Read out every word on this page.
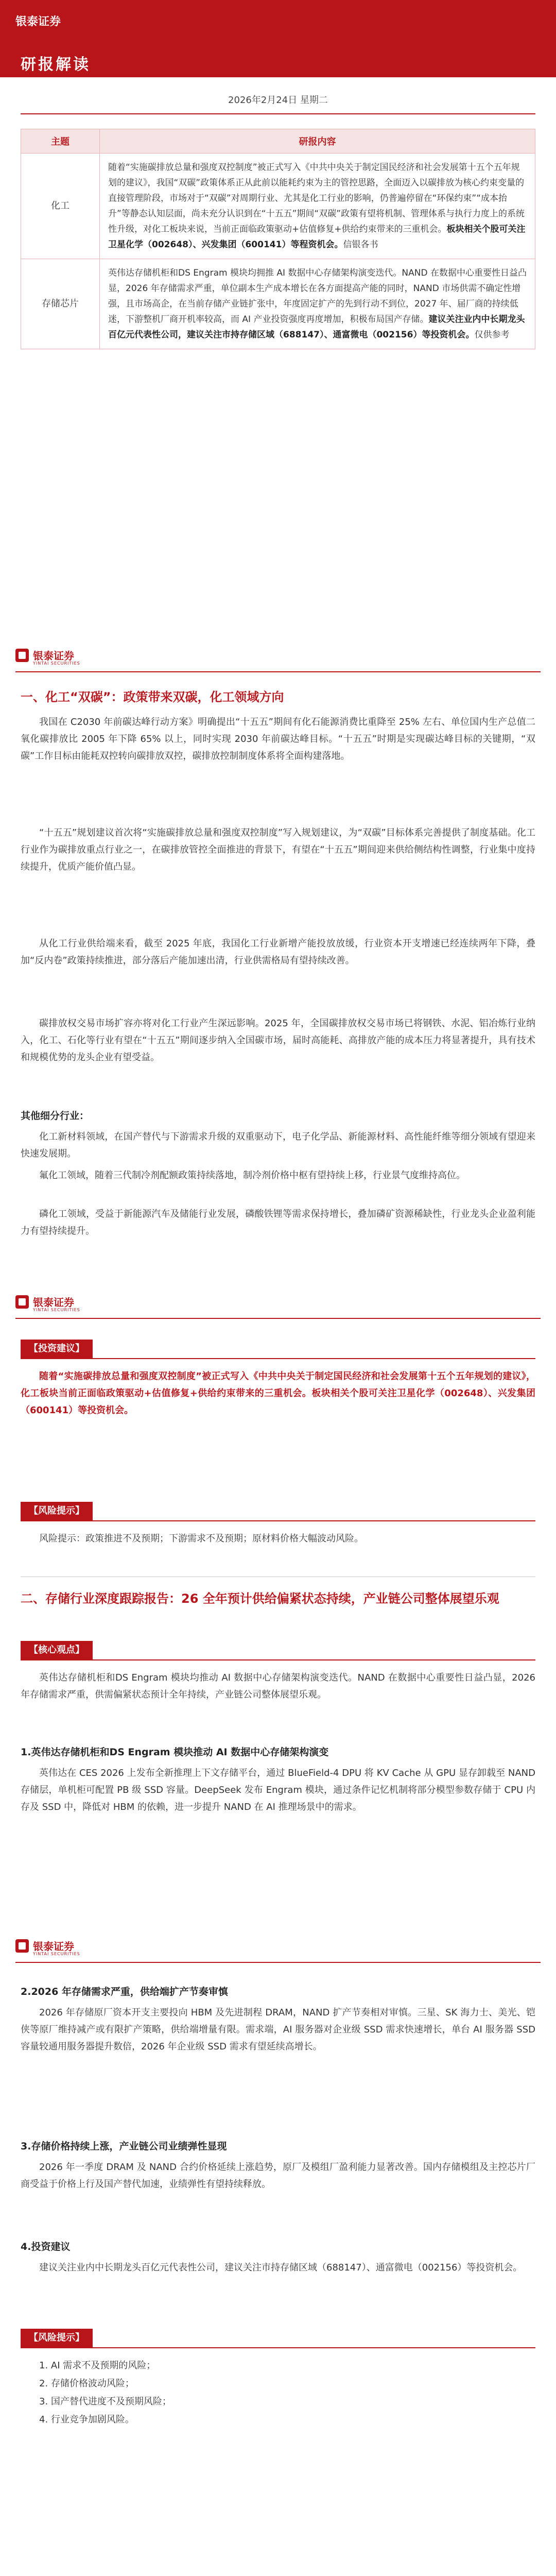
银泰证券
研报解读
2026年2月24日 星期二
主题	研报内容
化工	随着“实施碳排放总量和强度双控制度”被正式写入《中共中央关于制定国民经济和社会发展第十五个五年规划的建议》，我国“双碳”政策体系正从此前以能耗约束为主的管控思路，全面迈入以碳排放为核心约束变量的直接管理阶段，市场对于“双碳”对周期行业、尤其是化工行业的影响，仍普遍停留在“环保约束”“成本抬升”等静态认知层面，尚未充分认识到在“十五五”期间“双碳”政策有望将机制、管理体系与执行力度上的系统性升级，对化工板块来说，当前正面临政策驱动+估值修复+供给约束带来的三重机会。板块相关个股可关注卫星化学（002648）、兴发集团（600141）等程资机会。信银各书
存储芯片	英伟达存储机柜和DS Engram 模块均拥推 AI 数据中心存储架构演变迭代。NAND 在数据中心重要性日益凸显，2026 年存储需求严重，单位副本生产成本增长在各方面提高产能的同时，NAND 市场供需不确定性增强，且市场高企，在当前存储产业链扩张中，年度固定扩产的先到行动不到位，2027 年、届厂商的持续低迷，下游整机厂商开机率较高，而 AI 产业投资强度再度增加，积极布局国产存储。建议关注业内中长期龙头百亿元代表性公司，建议关注市持存储区域（688147）、通富微电（002156）等投资机会。仅供参考
银泰证券
YINTAI SECURITIES
一、化工“双碳”：政策带来双碳，化工领域方向
我国在 C2030 年前碳达峰行动方案》明确提出“十五五”期间有化石能源消费比重降至 25% 左右、单位国内生产总值二氧化碳排放比 2005 年下降 65% 以上，同时实现 2030 年前碳达峰目标。“十五五”时期是实现碳达峰目标的关键期，“双碳”工作目标由能耗双控转向碳排放双控，碳排放控制制度体系将全面构建落地。
“十五五”规划建议首次将“实施碳排放总量和强度双控制度”写入规划建议，为“双碳”目标体系完善提供了制度基础。化工行业作为碳排放重点行业之一，在碳排放管控全面推进的背景下，有望在“十五五”期间迎来供给侧结构性调整，行业集中度持续提升，优质产能价值凸显。
从化工行业供给端来看，截至 2025 年底，我国化工行业新增产能投放放缓，行业资本开支增速已经连续两年下降，叠加“反内卷”政策持续推进，部分落后产能加速出清，行业供需格局有望持续改善。
碳排放权交易市场扩容亦将对化工行业产生深远影响。2025 年，全国碳排放权交易市场已将钢铁、水泥、铝冶炼行业纳入，化工、石化等行业有望在“十五五”期间逐步纳入全国碳市场，届时高能耗、高排放产能的成本压力将显著提升，具有技术和规模优势的龙头企业有望受益。
其他细分行业：
化工新材料领域，在国产替代与下游需求升级的双重驱动下，电子化学品、新能源材料、高性能纤维等细分领域有望迎来快速发展期。
氟化工领域，随着三代制冷剂配额政策持续落地，制冷剂价格中枢有望持续上移，行业景气度维持高位。
磷化工领域，受益于新能源汽车及储能行业发展，磷酸铁锂等需求保持增长，叠加磷矿资源稀缺性，行业龙头企业盈利能力有望持续提升。
银泰证券
YINTAI SECURITIES
【投资建议】
随着“实施碳排放总量和强度双控制度”被正式写入《中共中央关于制定国民经济和社会发展第十五个五年规划的建议》，化工板块当前正面临政策驱动+估值修复+供给约束带来的三重机会。板块相关个股可关注卫星化学（002648）、兴发集团（600141）等投资机会。
【风险提示】
风险提示：政策推进不及预期；下游需求不及预期；原材料价格大幅波动风险。
二、存储行业深度跟踪报告：26 全年预计供给偏紧状态持续，产业链公司整体展望乐观
【核心观点】
英伟达存储机柜和DS Engram 模块均推动 AI 数据中心存储架构演变迭代。NAND 在数据中心重要性日益凸显，2026 年存储需求严重，供需偏紧状态预计全年持续，产业链公司整体展望乐观。
1.英伟达存储机柜和DS Engram 模块推动 AI 数据中心存储架构演变
英伟达在 CES 2026 上发布全新推理上下文存储平台，通过 BlueField-4 DPU 将 KV Cache 从 GPU 显存卸载至 NAND 存储层，单机柜可配置 PB 级 SSD 容量。DeepSeek 发布 Engram 模块，通过条件记忆机制将部分模型参数存储于 CPU 内存及 SSD 中，降低对 HBM 的依赖，进一步提升 NAND 在 AI 推理场景中的需求。
银泰证券
YINTAI SECURITIES
2.2026 年存储需求严重，供给端扩产节奏审慎
2026 年存储原厂资本开支主要投向 HBM 及先进制程 DRAM，NAND 扩产节奏相对审慎。三星、SK 海力士、美光、铠侠等原厂维持减产或有限扩产策略，供给端增量有限。需求端，AI 服务器对企业级 SSD 需求快速增长，单台 AI 服务器 SSD 容量较通用服务器提升数倍，2026 年企业级 SSD 需求有望延续高增长。
3.存储价格持续上涨，产业链公司业绩弹性显现
2026 年一季度 DRAM 及 NAND 合约价格延续上涨趋势，原厂及模组厂盈利能力显著改善。国内存储模组及主控芯片厂商受益于价格上行及国产替代加速，业绩弹性有望持续释放。
4.投资建议
建议关注业内中长期龙头百亿元代表性公司，建议关注市持存储区域（688147）、通富微电（002156）等投资机会。
【风险提示】
1. AI 需求不及预期的风险；
2. 存储价格波动风险；
3. 国产替代进度不及预期风险；
4. 行业竞争加剧风险。
